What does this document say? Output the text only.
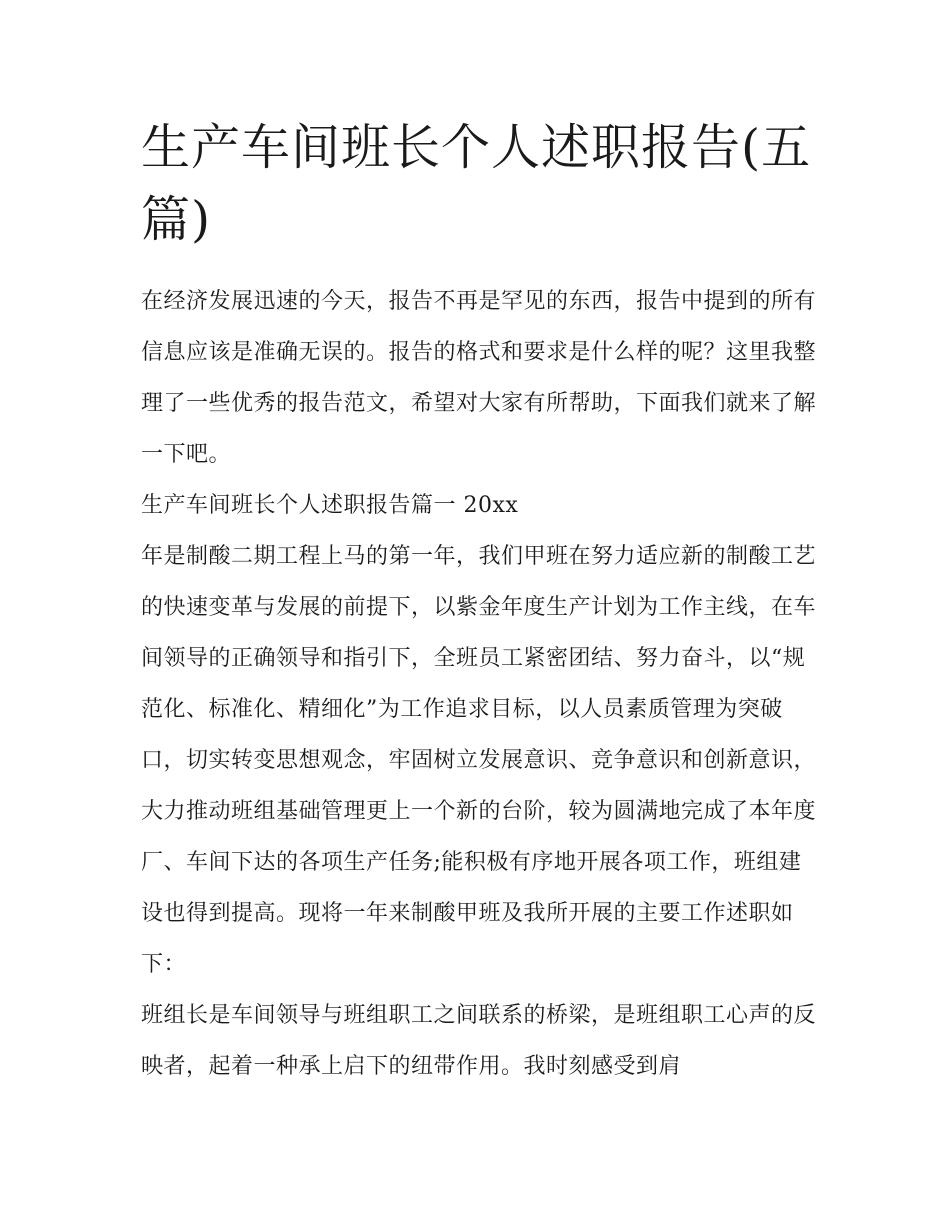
生产车间班长个人述职报告(五篇)

在经济发展迅速的今天，报告不再是罕见的东西，报告中提到的所有信息应该是准确无误的。报告的格式和要求是什么样的呢？这里我整理了一些优秀的报告范文，希望对大家有所帮助，下面我们就来了解一下吧。

生产车间班长个人述职报告篇一 20xx

年是制酸二期工程上马的第一年，我们甲班在努力适应新的制酸工艺的快速变革与发展的前提下，以紫金年度生产计划为工作主线，在车间领导的正确领导和指引下，全班员工紧密团结、努力奋斗，以“规范化、标准化、精细化”为工作追求目标，以人员素质管理为突破口，切实转变思想观念，牢固树立发展意识、竞争意识和创新意识，大力推动班组基础管理更上一个新的台阶，较为圆满地完成了本年度厂、车间下达的各项生产任务;能积极有序地开展各项工作，班组建设也得到提高。现将一年来制酸甲班及我所开展的主要工作述职如下：

班组长是车间领导与班组职工之间联系的桥梁，是班组职工心声的反映者，起着一种承上启下的纽带作用。我时刻感受到肩
